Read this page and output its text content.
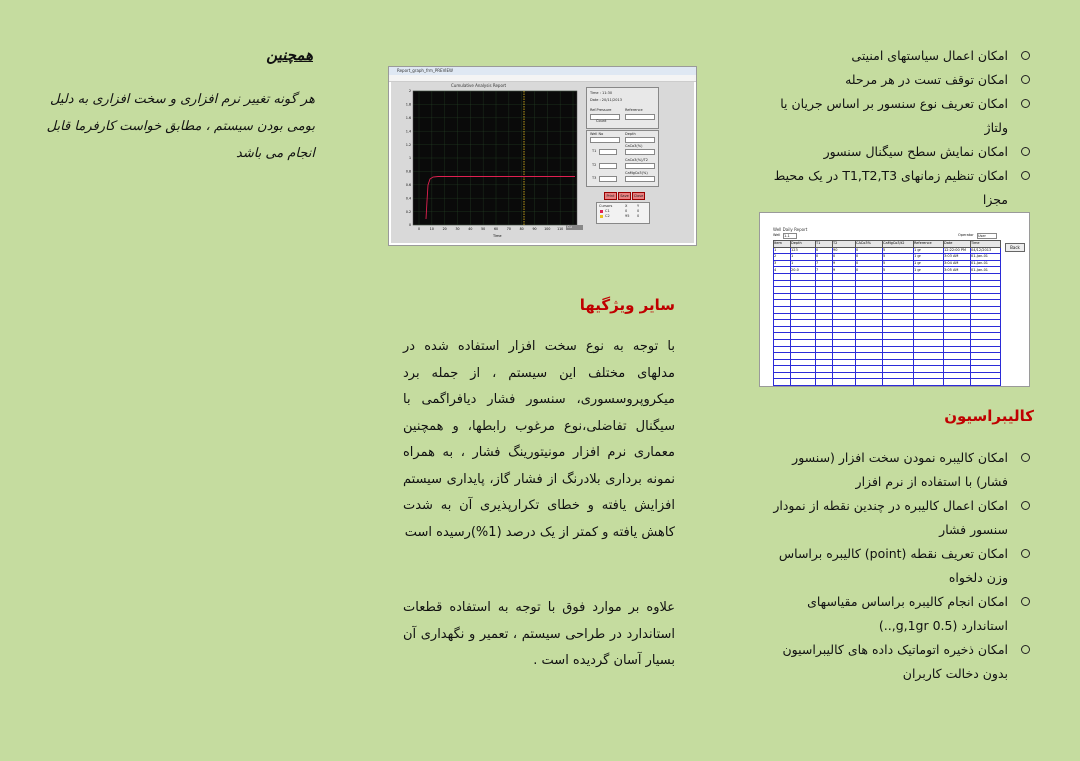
امکان اعمال سیاستهای امنیتی
امکان توقف تست در هر مرحله
امکان تعریف نوع سنسور بر اساس جریان یا ولتاژ
امکان نمایش سطح سیگنال سنسور
امکان تنظیم زمانهای T1,T2,T3 در یک محیط مجزا
کالیبراسیون
امکان کالیبره نمودن سخت افزار (سنسور فشار) با استفاده از نرم افزار
امکان اعمال کالیبره در چندین نقطه از نمودار سنسور فشار
امکان تعریف نقطه (point) کالیبره براساس وزن دلخواه
امکان انجام کالیبره براساس مقیاسهای استاندارد (0.5 g,1gr,..)
امکان ذخیره اتوماتیک داده های کالیبراسیون بدون دخالت کاربران
سایر ویژگیها
با توجه به نوع سخت افزار استفاده شده در مدلهای مختلف این سیستم ، از جمله برد میکروپروسسوری، سنسور فشار دیافراگمی با سیگنال تفاضلی،نوع مرغوب رابطها، و همچنین معماری نرم افزار مونیتورینگ فشار ، به همراه نمونه برداری بلادرنگ از فشار گاز، پایداری سیستم افزایش یافته و خطای تکرارپذیری آن به شدت کاهش یافته و کمتر از یک درصد (1%)رسیده است
علاوه بر موارد فوق با توجه به استفاده قطعات استاندارد در طراحی سیستم ، تعمیر و نگهداری آن بسیار آسان گردیده است .
همچنین
هر گونه تغییر نرم افزاری و سخت افزاری به دلیل بومی بودن سیستم ، مطابق خواست کارفرما قابل انجام می باشد
Report_graph_frm_PREVIEW
Cumulative Analysis Report
2
1.8
1.6
1.4
1.2
1
0.8
0.6
0.4
0.2
0
0	10	20	30	40	50	60	70	80	90 100 110
Time
Time : 11:30
Date : 20/11/2013
Ref.Pressure	Reference
Count
Well No	Depth
T1
CaCo3(%)
T2
CaCo3(%)/T2
T3
CaMgCo3(%)
Print	Save	Close
Cursors	X	Y
C1	0	0
C2	95 0
Cu	Well Daily Report
Well 1-1	Operator User
Back
Item	Depth	T1	T2	CACo3%	CaMgCo3/t2	Reference	Date	Time
1	123	0	90	0	5	1 gr	12:22:00 PM	04/12/2013
2	1	0	0	0	5	1 gr	3:03 AM	01-Jan-01
3	1	7	9	0	5	1 gr	3:04 AM	01-Jan-01
4	20.0	7	9	0	5	1 gr	3:05 AM	01-Jan-01
